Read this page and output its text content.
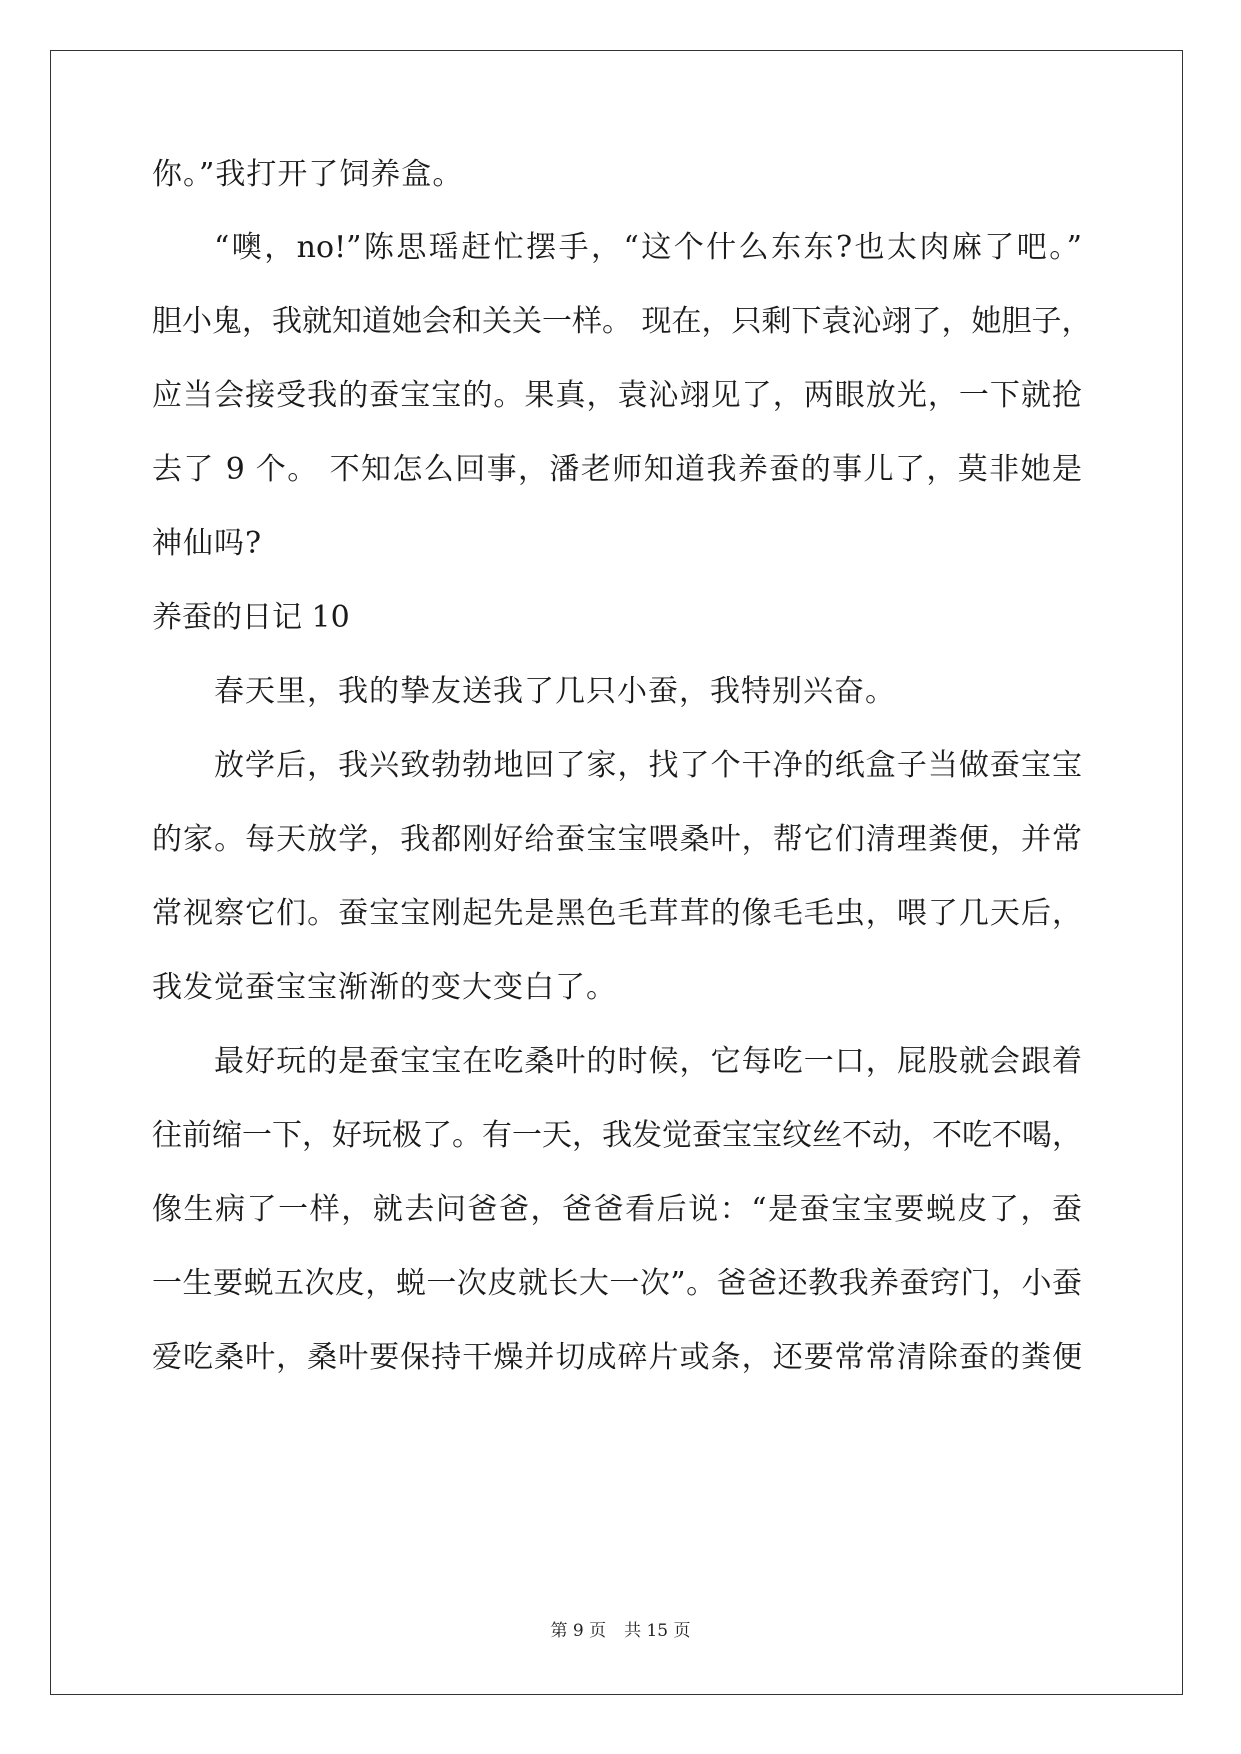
你。”我打开了饲养盒。
“噢，no!”陈思瑶赶忙摆手，“这个什么东东?也太肉麻了吧。”
胆小鬼，我就知道她会和关关一样。 现在，只剩下袁沁翊了，她胆子，
应当会接受我的蚕宝宝的。果真，袁沁翊见了，两眼放光，一下就抢
去了 9 个。 不知怎么回事，潘老师知道我养蚕的事儿了，莫非她是
神仙吗?
养蚕的日记 10
春天里，我的挚友送我了几只小蚕，我特别兴奋。
放学后，我兴致勃勃地回了家，找了个干净的纸盒子当做蚕宝宝
的家。每天放学，我都刚好给蚕宝宝喂桑叶，帮它们清理粪便，并常
常视察它们。蚕宝宝刚起先是黑色毛茸茸的像毛毛虫，喂了几天后，
我发觉蚕宝宝渐渐的变大变白了。
最好玩的是蚕宝宝在吃桑叶的时候，它每吃一口，屁股就会跟着
往前缩一下，好玩极了。有一天，我发觉蚕宝宝纹丝不动，不吃不喝，
像生病了一样，就去问爸爸，爸爸看后说：“是蚕宝宝要蜕皮了，蚕
一生要蜕五次皮，蜕一次皮就长大一次”。爸爸还教我养蚕窍门，小蚕
爱吃桑叶，桑叶要保持干燥并切成碎片或条，还要常常清除蚕的粪便
第 9 页 共 15 页
